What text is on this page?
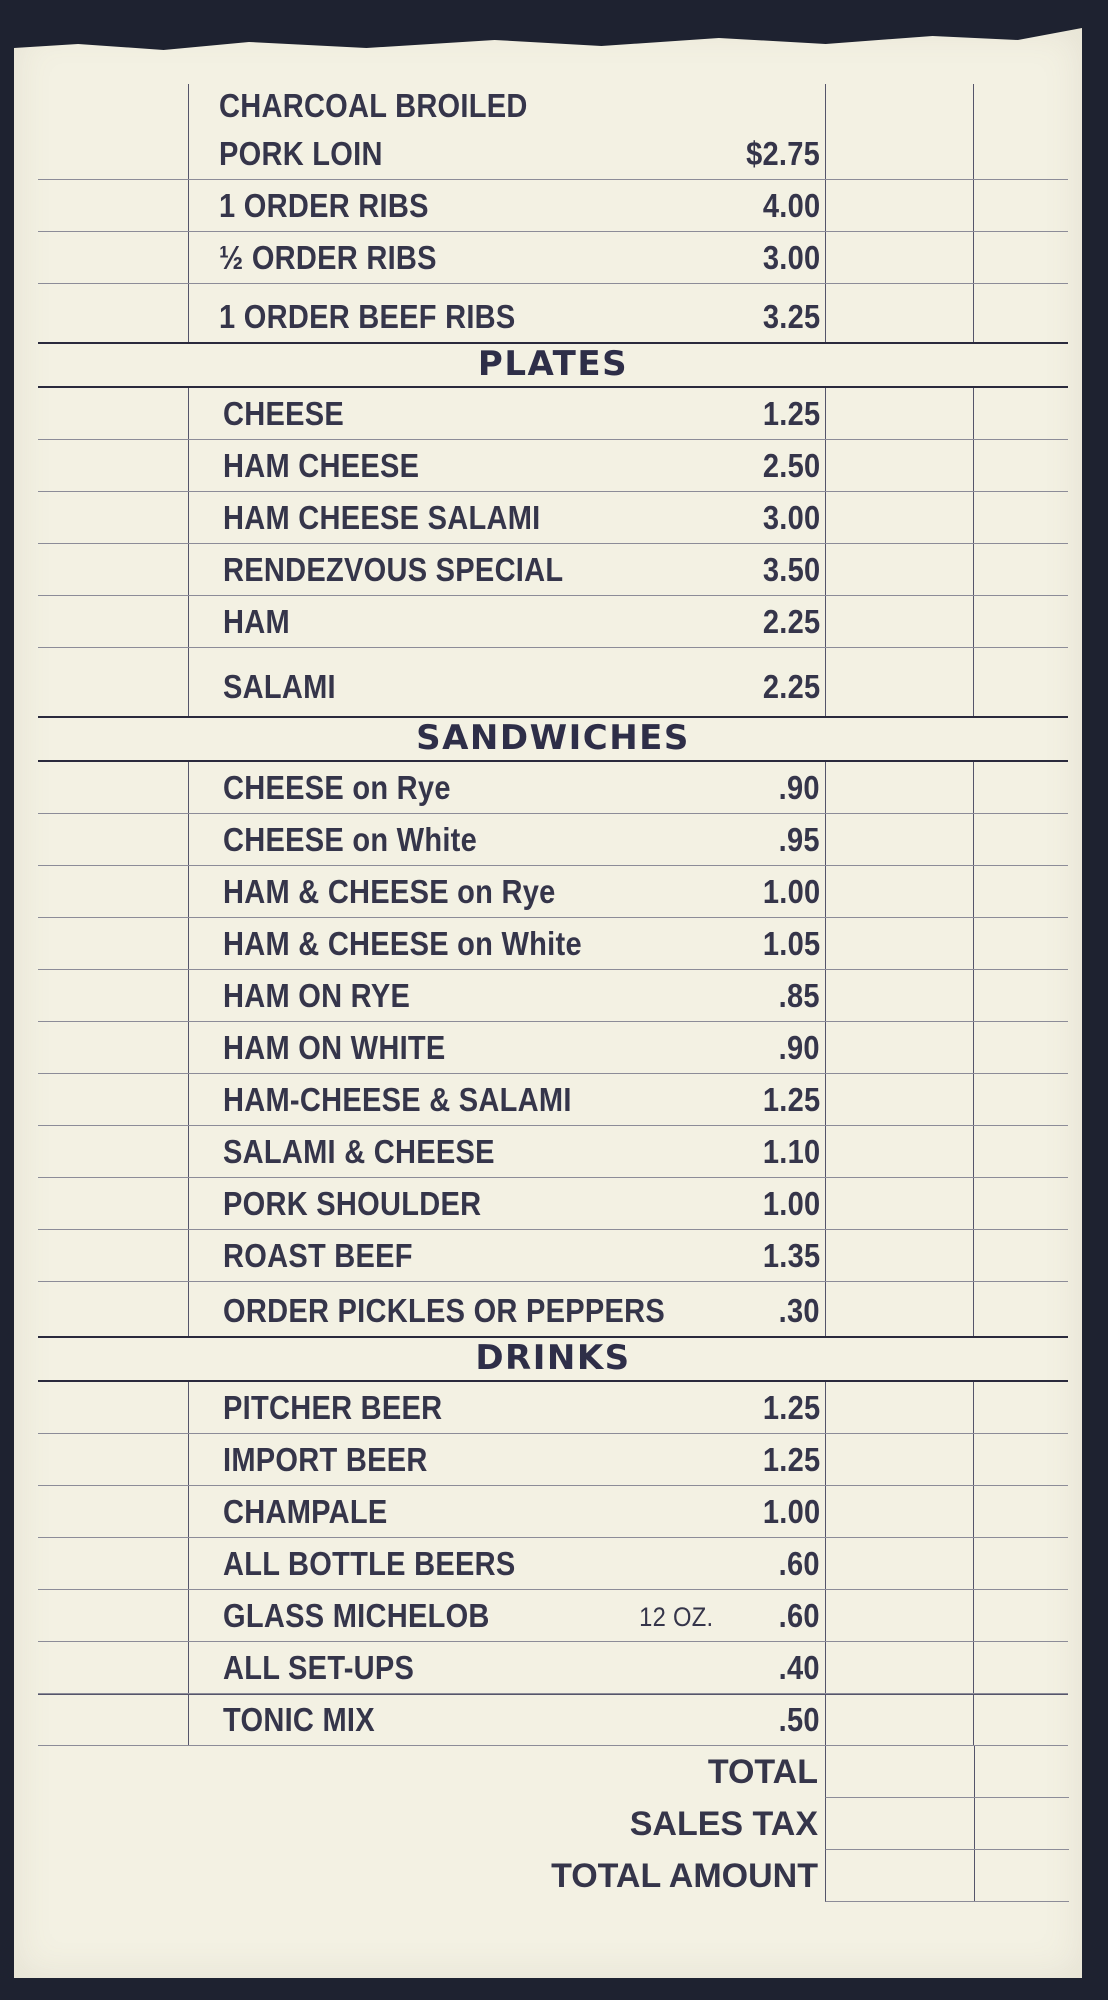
CHARCOAL BROILED
PORK LOIN	$2.75
1 ORDER RIBS	4.00
½ ORDER RIBS	3.00
1 ORDER BEEF RIBS	3.25
PLATES
CHEESE	1.25
HAM CHEESE	2.50
HAM CHEESE SALAMI	3.00
RENDEZVOUS SPECIAL	3.50
HAM	2.25
SALAMI	2.25
SANDWICHES
CHEESE on Rye	.90
CHEESE on White	.95
HAM & CHEESE on Rye	1.00
HAM & CHEESE on White	1.05
HAM ON RYE	.85
HAM ON WHITE	.90
HAM-CHEESE & SALAMI	1.25
SALAMI & CHEESE	1.10
PORK SHOULDER	1.00
ROAST BEEF	1.35
ORDER PICKLES OR PEPPERS	.30
DRINKS
PITCHER BEER	1.25
IMPORT BEER	1.25
CHAMPALE	1.00
ALL BOTTLE BEERS	.60
GLASS MICHELOB	12 OZ. .60
ALL SET-UPS	.40
TONIC MIX	.50
TOTAL
SALES TAX
TOTAL AMOUNT
